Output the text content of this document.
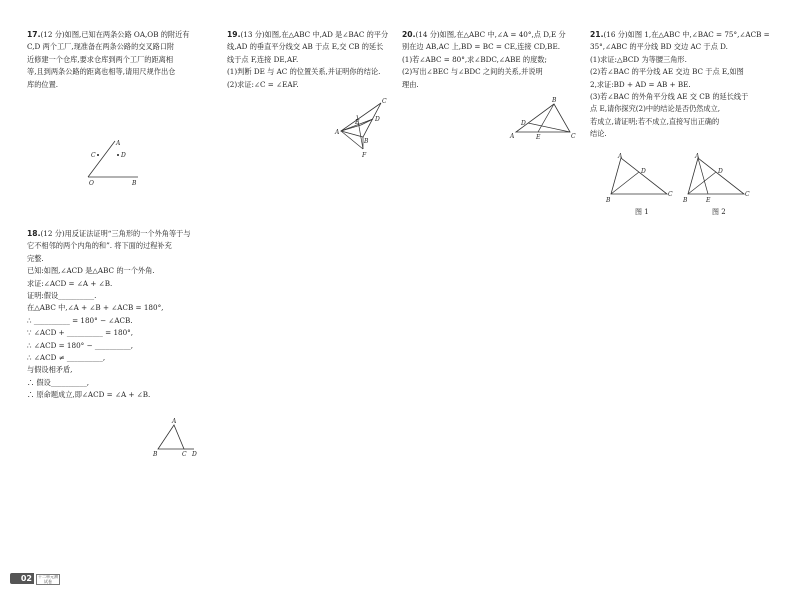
17.(12 分)如图,已知在两条公路 OA,OB 的附近有

C,D 两个工厂,现准备在两条公路的交叉路口附

近修建一个仓库,要求仓库到两个工厂的距离相

等,且到两条公路的距离也相等,请用尺规作出仓

库的位置.

A
C	D
O	B

18.(12 分)用反证法证明“三角形的一个外角等于与

它不相邻的两个内角的和”. 将下面的过程补充

完整.

已知:如图,∠ACD 是△ABC 的一个外角.

求证:∠ACD = ∠A + ∠B.

证明:假设__________.

在△ABC 中,∠A + ∠B + ∠ACB = 180°,

∴ __________ = 180° − ∠ACB.

∵ ∠ACD + __________ = 180°,

∴ ∠ACD = 180° − __________,

∴ ∠ACD ≠ __________,

与假设相矛盾,

∴ 假设__________,

∴ 原命题成立,即∠ACD = ∠A + ∠B.

A
B	C D

19.(13 分)如图,在△ABC 中,AD 是∠BAC 的平分

线,AD 的垂直平分线交 AB 于点 E,交 CB 的延长

线于点 F,连接 DE,AF.

(1)判断 DE 与 AC 的位置关系,并证明你的结论.

(2)求证:∠C = ∠EAF.

A
B
C
D
E
F

20.(14 分)如图,在△ABC 中,∠A = 40°,点 D,E 分

别在边 AB,AC 上,BD = BC = CE,连接 CD,BE.

(1)若∠ABC = 80°,求∠BDC,∠ABE 的度数;

(2)写出∠BEC 与∠BDC 之间的关系,并说明

理由.

A
B
C
D
E

21.(16 分)如图 1,在△ABC 中,∠BAC = 75°,∠ACB =

35°,∠ABC 的平分线 BD 交边 AC 于点 D.

(1)求证:△BCD 为等腰三角形.

(2)若∠BAC 的平分线 AE 交边 BC 于点 E,如图

2,求证:BD + AD = AB + BE.

(3)若∠BAC 的外角平分线 AE 交 CB 的延长线于

点 E,请你探究(2)中的结论是否仍然成立,

若成立,请证明;若不成立,直接写出正确的

结论.

A
B
C
D
图 1
A
B
C
D
E
图 2
02	十二单元测试卷
